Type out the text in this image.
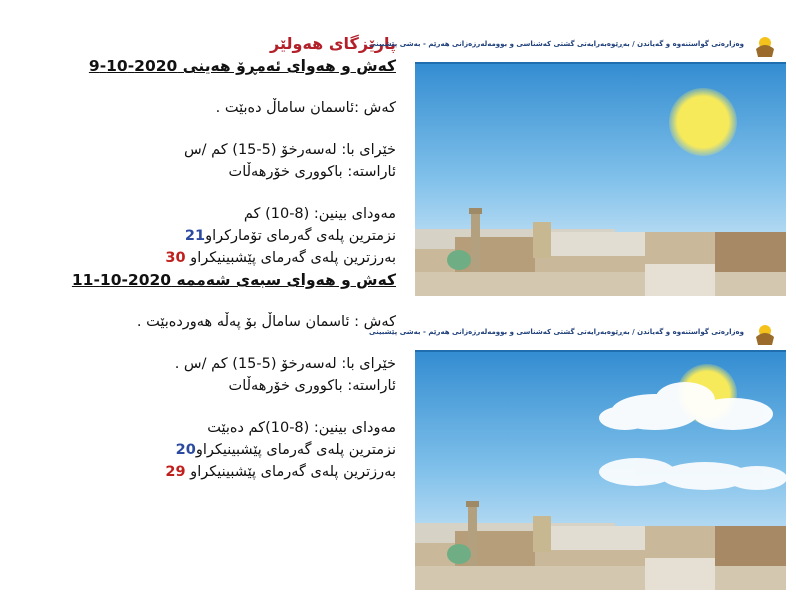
پارێزگای هەولێر
کەش و هەوای ئەمڕۆ هەینی 2020-10-9
کەش :ئاسمان ساماڵ دەبێت .
خێرای با: لەسەرخۆ (5-15) کم /س
ئاراستە: باکووری خۆرهەڵات
مەودای بینین: (8-10) کم
نزمترین پلەی گەرمای تۆمارکراو21
بەرزترین پلەی گەرمای پێشبینیکراو 30
کەش و هەوای سبەی شەممە 2020-10-11
کەش : ئاسمان ساماڵ بۆ پەڵە هەوردەبێت .
خێرای با: لەسەرخۆ (5-15) کم /س .
ئاراستە: باکووری خۆرهەڵات
مەودای بینین: (8-10)کم دەبێت
نزمترین پلەی گەرمای پێشبینیکراو20
بەرزترین پلەی گەرمای پێشبینیکراو 29
وەزارەتی گواستنەوە و گەیاندن / بەڕێوەبەرایەتی گشتی کەشناسی و بوومەلەرزەزانی هەرێم - بەشی پێشبینی
وەزارەتی گواستنەوە و گەیاندن / بەڕێوەبەرایەتی گشتی کەشناسی و بوومەلەرزەزانی هەرێم - بەشی پێشبینی
